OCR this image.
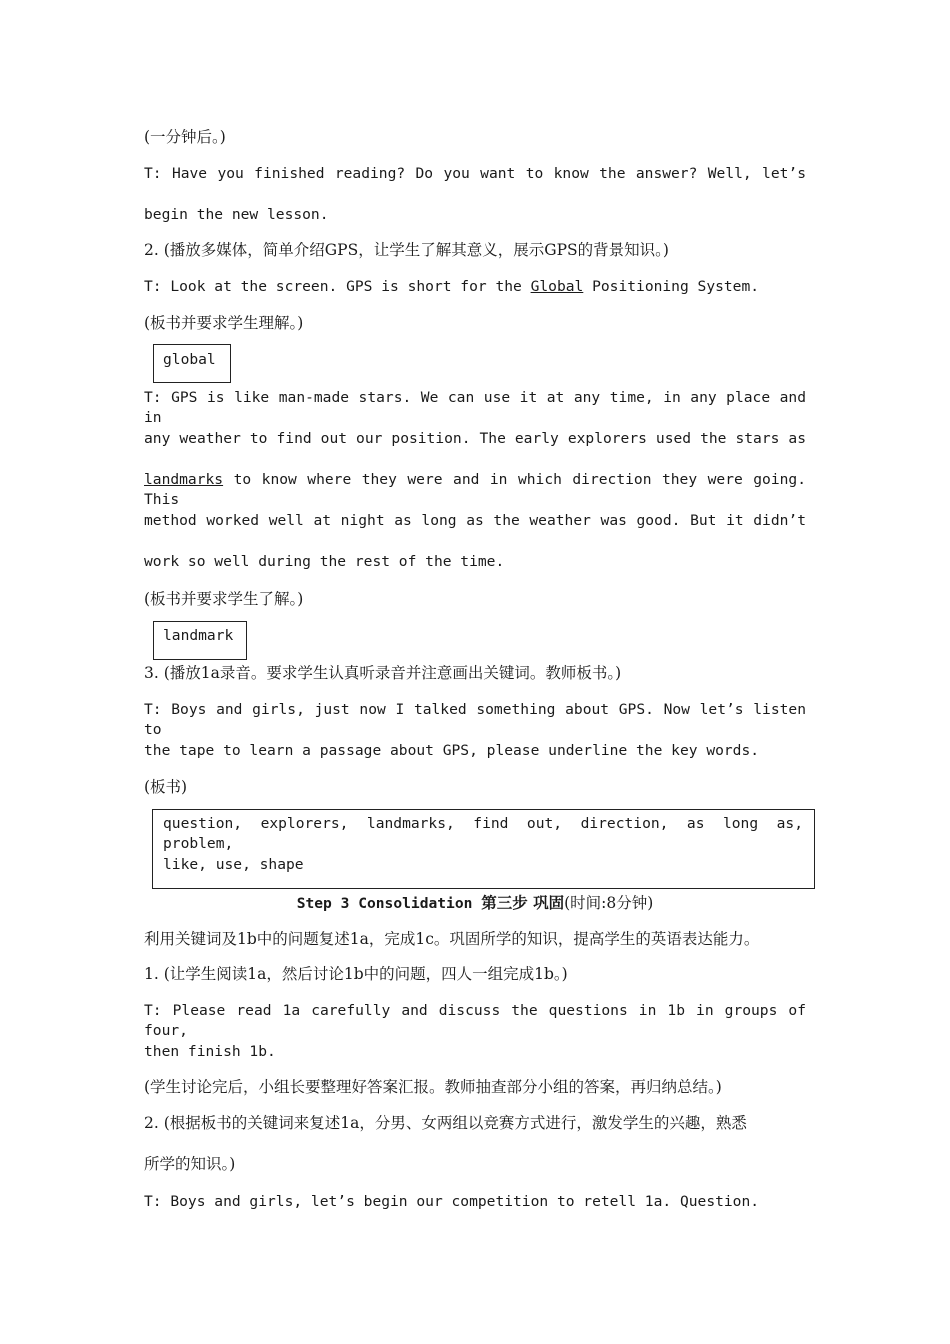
(一分钟后。)
T: Have you finished reading? Do you want to know the answer? Well, let’s
begin the new lesson.
2. (播放多媒体，简单介绍GPS，让学生了解其意义，展示GPS的背景知识。)
T: Look at the screen. GPS is short for the Global Positioning System.
(板书并要求学生理解。)
global
T: GPS is like man-made stars. We can use it at any time, in any place and in
any weather to find out our position. The early explorers used the stars as
landmarks to know where they were and in which direction they were going. This
method worked well at night as long as the weather was good. But it didn’t
work so well during the rest of the time.
(板书并要求学生了解。)
landmark
3. (播放1a录音。要求学生认真听录音并注意画出关键词。教师板书。)
T: Boys and girls, just now I talked something about GPS. Now let’s listen to
the tape to learn a passage about GPS, please underline the key words.
(板书)
question, explorers, landmarks, find out, direction, as long as, problem,
like, use, shape
Step 3 Consolidation 第三步 巩固(时间:8分钟)
利用关键词及1b中的问题复述1a，完成1c。巩固所学的知识，提高学生的英语表达能力。
1. (让学生阅读1a，然后讨论1b中的问题，四人一组完成1b。)
T: Please read 1a carefully and discuss the questions in 1b in groups of four,
then finish 1b.
(学生讨论完后，小组长要整理好答案汇报。教师抽查部分小组的答案，再归纳总结。)
2. (根据板书的关键词来复述1a，分男、女两组以竞赛方式进行，激发学生的兴趣，熟悉
所学的知识。)
T: Boys and girls, let’s begin our competition to retell 1a. Question.
